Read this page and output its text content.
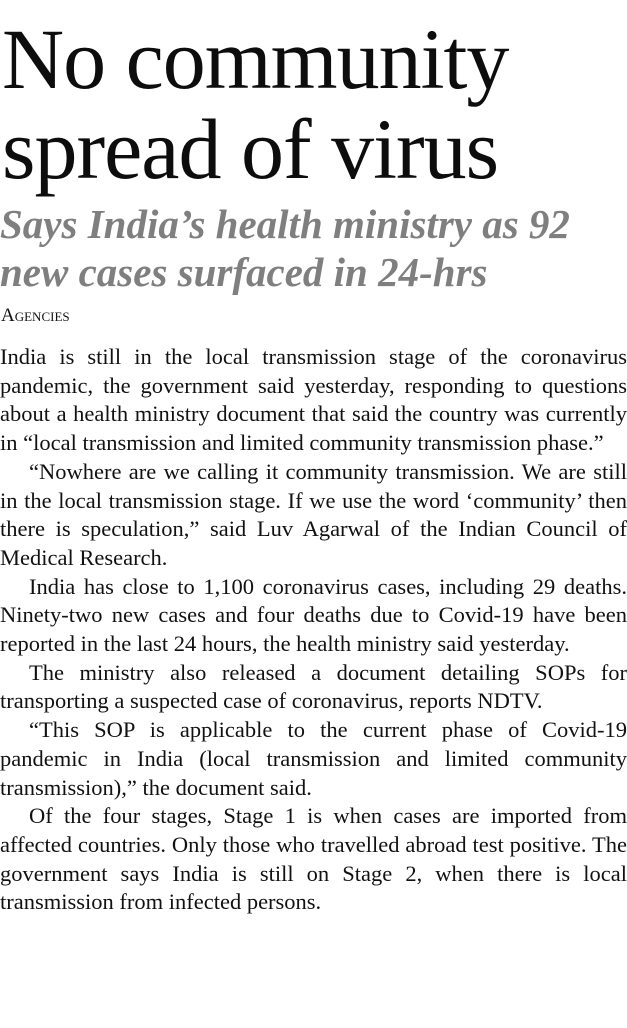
No community spread of virus
Says India’s health ministry as 92 new cases surfaced in 24-hrs
Agencies

India is still in the local transmission stage of the coronavirus pandemic, the government said yesterday, responding to questions about a health ministry document that said the country was currently in “local transmission and limited community transmission phase.”

“Nowhere are we calling it community transmission. We are still in the local transmission stage. If we use the word ‘community’ then there is speculation,” said Luv Agarwal of the Indian Council of Medical Research.

India has close to 1,100 coronavirus cases, including 29 deaths. Ninety-two new cases and four deaths due to Covid-19 have been reported in the last 24 hours, the health ministry said yesterday.

The ministry also released a document detailing SOPs for transporting a suspected case of coronavirus, reports NDTV.

“This SOP is applicable to the current phase of Covid-19 pandemic in India (local transmission and limited community transmission),” the document said.

Of the four stages, Stage 1 is when cases are imported from affected countries. Only those who travelled abroad test positive. The government says India is still on Stage 2, when there is local transmission from infected persons.
